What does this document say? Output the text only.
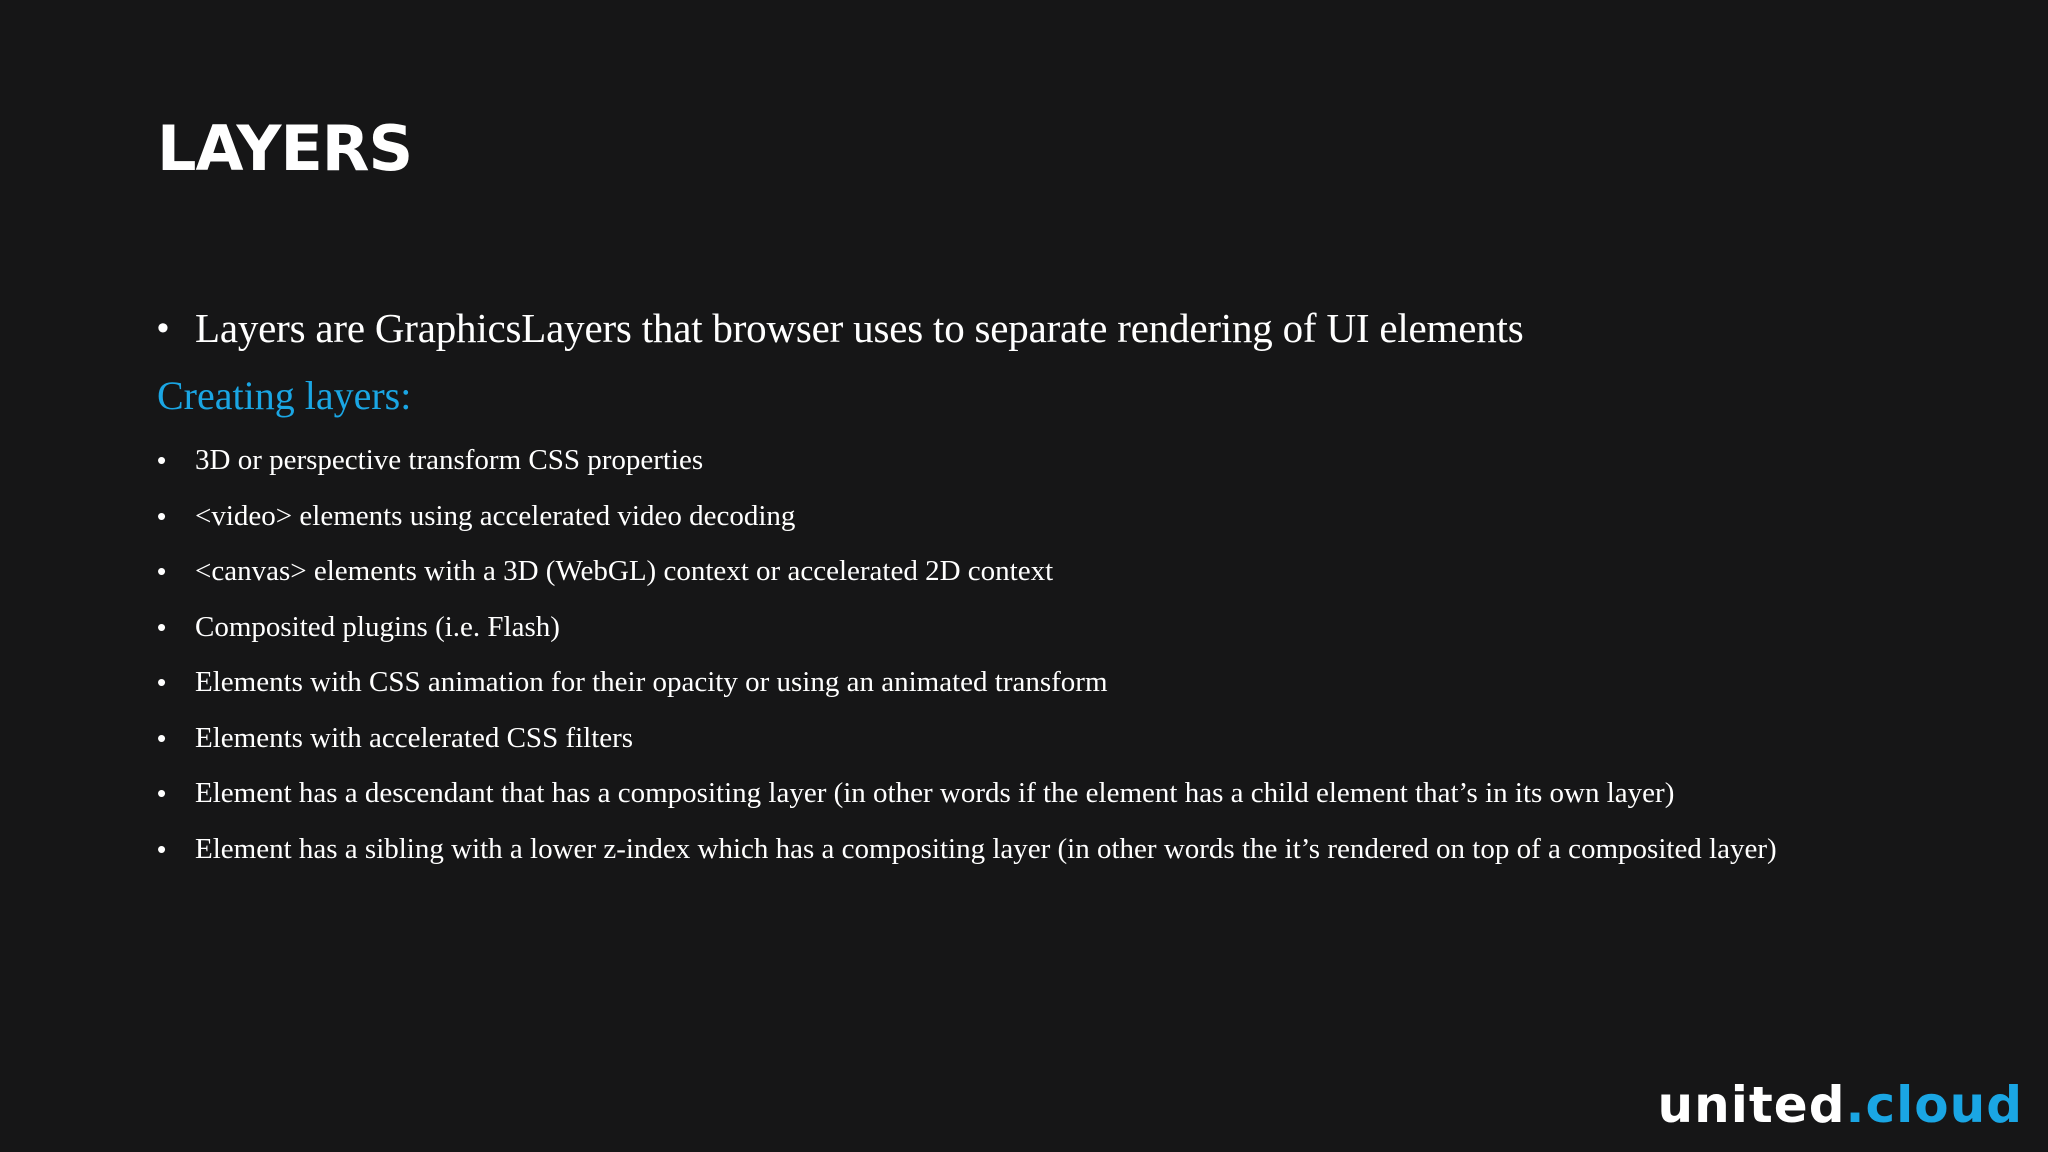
LAYERS
• Layers are GraphicsLayers that browser uses to separate rendering of UI elements
Creating layers:
• 3D or perspective transform CSS properties
• <video> elements using accelerated video decoding
• <canvas> elements with a 3D (WebGL) context or accelerated 2D context
• Composited plugins (i.e. Flash)
• Elements with CSS animation for their opacity or using an animated transform
• Elements with accelerated CSS filters
• Element has a descendant that has a compositing layer (in other words if the element has a child element that’s in its own layer)
• Element has a sibling with a lower z-index which has a compositing layer (in other words the it’s rendered on top of a composited layer)
united.cloud
